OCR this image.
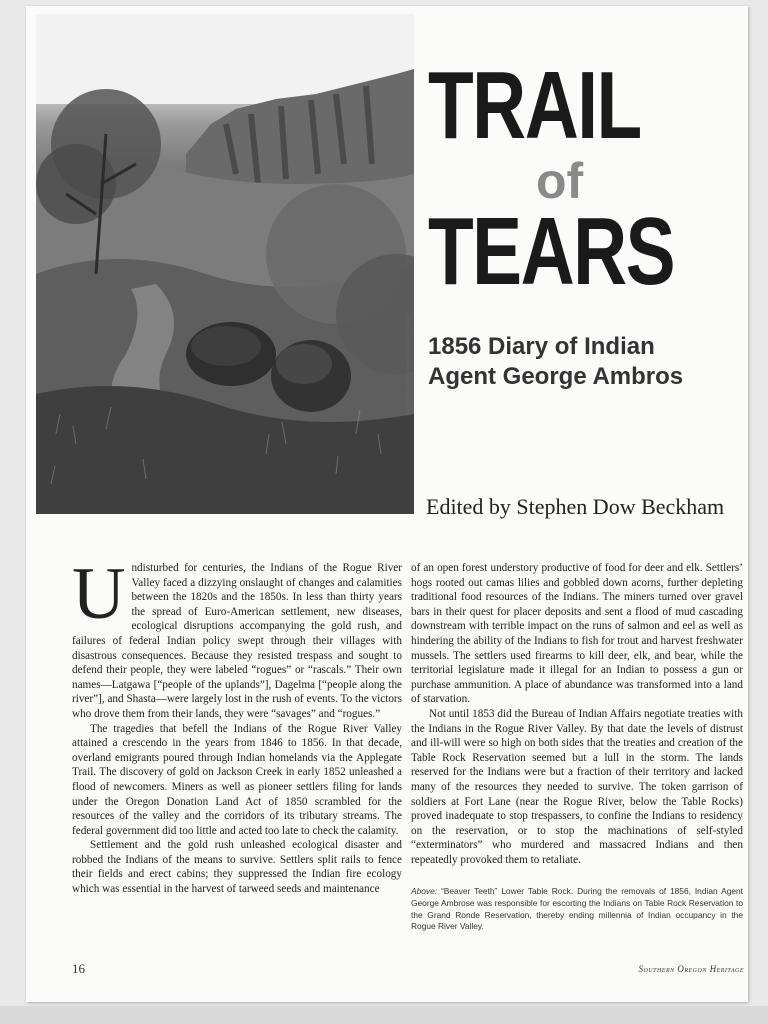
SOUTHERN OREGON HISTORICAL SOCIETY
TRAIL
of
TEARS
1856 Diary of Indian
Agent George Ambros
Edited by Stephen Dow Beckham

Undisturbed for centuries, the Indians of the Rogue River Valley faced a dizzying onslaught of changes and calamities between the 1820s and the 1850s. In less than thirty years the spread of Euro-American settlement, new diseases, ecological disruptions accompanying the gold rush, and failures of federal Indian policy swept through their villages with disastrous consequences. Because they resisted trespass and sought to defend their people, they were labeled “rogues” or “rascals.” Their own names—Latgawa [“people of the uplands”], Dagelma [“people along the river”], and Shasta—were largely lost in the rush of events. To the victors who drove them from their lands, they were “savages” and “rogues.”

The tragedies that befell the Indians of the Rogue River Valley attained a crescendo in the years from 1846 to 1856. In that decade, overland emigrants poured through Indian homelands via the Applegate Trail. The discovery of gold on Jackson Creek in early 1852 unleashed a flood of newcomers. Miners as well as pioneer settlers filing for lands under the Oregon Donation Land Act of 1850 scrambled for the resources of the valley and the corridors of its tributary streams. The federal government did too little and acted too late to check the calamity.

Settlement and the gold rush unleashed ecological disaster and robbed the Indians of the means to survive. Settlers split rails to fence their fields and erect cabins; they suppressed the Indian fire ecology which was essential in the harvest of tarweed seeds and maintenance

of an open forest understory productive of food for deer and elk. Settlers’ hogs rooted out camas lilies and gobbled down acorns, further depleting traditional food resources of the Indians. The miners turned over gravel bars in their quest for placer deposits and sent a flood of mud cascading downstream with terrible impact on the runs of salmon and eel as well as hindering the ability of the Indians to fish for trout and harvest freshwater mussels. The settlers used firearms to kill deer, elk, and bear, while the territorial legislature made it illegal for an Indian to possess a gun or purchase ammunition. A place of abundance was transformed into a land of starvation.

Not until 1853 did the Bureau of Indian Affairs negotiate treaties with the Indians in the Rogue River Valley. By that date the levels of distrust and ill-will were so high on both sides that the treaties and creation of the Table Rock Reservation seemed but a lull in the storm. The lands reserved for the Indians were but a fraction of their territory and lacked many of the resources they needed to survive. The token garrison of soldiers at Fort Lane (near the Rogue River, below the Table Rocks) proved inadequate to stop trespassers, to confine the Indians to residency on the reservation, or to stop the machinations of self-styled “exterminators” who murdered and massacred Indians and then repeatedly provoked them to retaliate.

Above: “Beaver Teeth” Lower Table Rock. During the removals of 1856, Indian Agent George Ambrose was responsible for escorting the Indians on Table Rock Reservation to the Grand Ronde Reservation, thereby ending millennia of Indian occupancy in the Rogue River Valley.
16	Southern Oregon Heritage
